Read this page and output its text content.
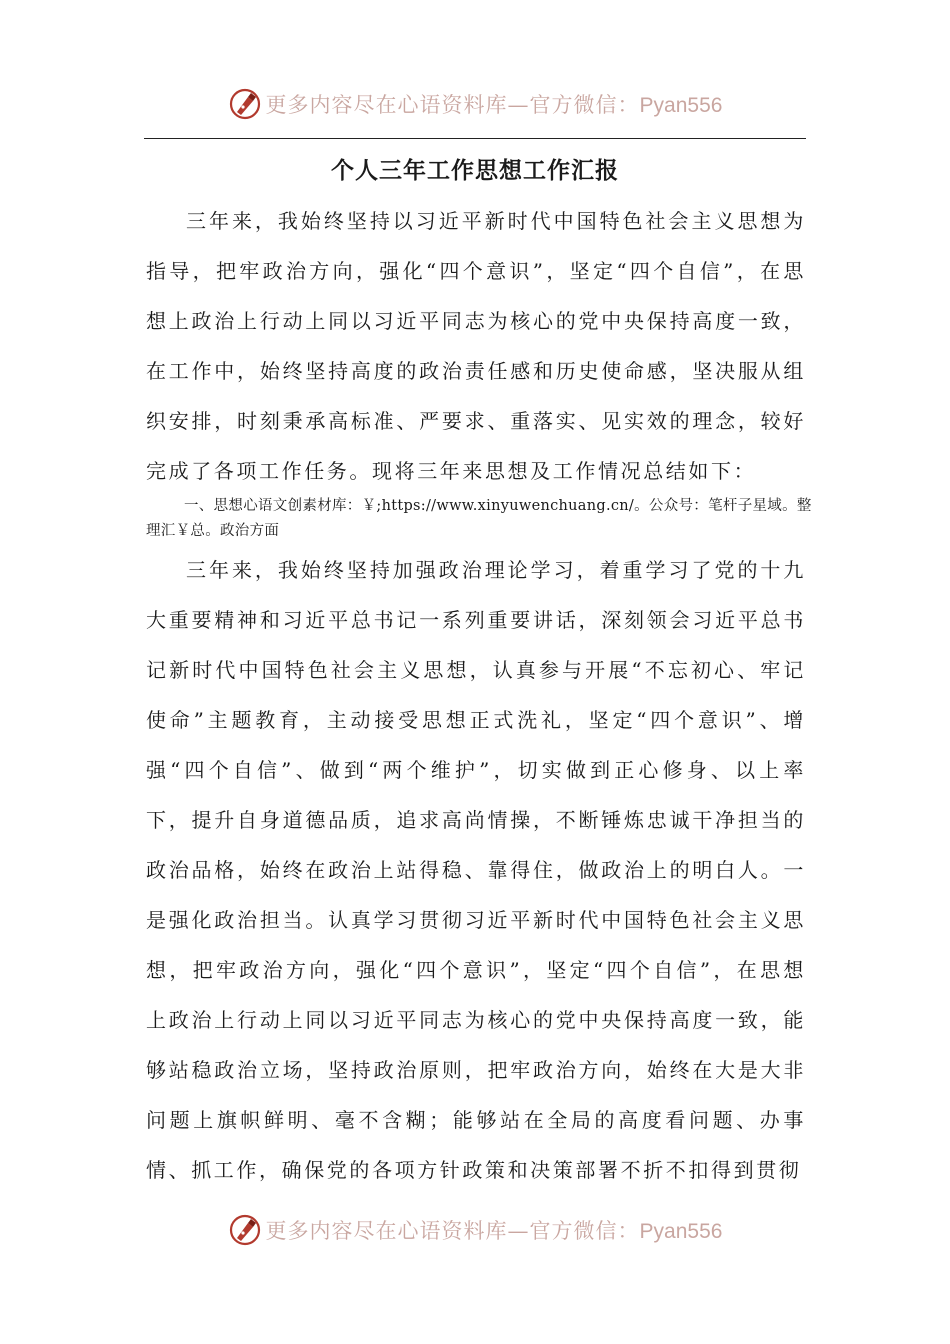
更多内容尽在心语资料库—官方微信：Pyan556
个人三年工作思想工作汇报

三年来，我始终坚持以习近平新时代中国特色社会主义思想为指导，把牢政治方向，强化“四个意识”，坚定“四个自信”，在思想上政治上行动上同以习近平同志为核心的党中央保持高度一致，在工作中，始终坚持高度的政治责任感和历史使命感，坚决服从组织安排，时刻秉承高标准、严要求、重落实、见实效的理念，较好完成了各项工作任务。现将三年来思想及工作情况总结如下：

一、思想心语文创素材库：￥;https://www.xinyuwenchuang.cn/。公众号：笔杆子星域。整理汇￥总。政治方面

三年来，我始终坚持加强政治理论学习，着重学习了党的十九大重要精神和习近平总书记一系列重要讲话，深刻领会习近平总书记新时代中国特色社会主义思想，认真参与开展“不忘初心、牢记使命”主题教育，主动接受思想正式洗礼，坚定“四个意识”、增强“四个自信”、做到“两个维护”，切实做到正心修身、以上率下，提升自身道德品质，追求高尚情操，不断锤炼忠诚干净担当的政治品格，始终在政治上站得稳、靠得住，做政治上的明白人。一是强化政治担当。认真学习贯彻习近平新时代中国特色社会主义思想，把牢政治方向，强化“四个意识”，坚定“四个自信”，在思想上政治上行动上同以习近平同志为核心的党中央保持高度一致，能够站稳政治立场，坚持政治原则，把牢政治方向，始终在大是大非问题上旗帜鲜明、毫不含糊；能够站在全局的高度看问题、办事情、抓工作，确保党的各项方针政策和决策部署不折不扣得到贯彻

更多内容尽在心语资料库—官方微信：Pyan556
